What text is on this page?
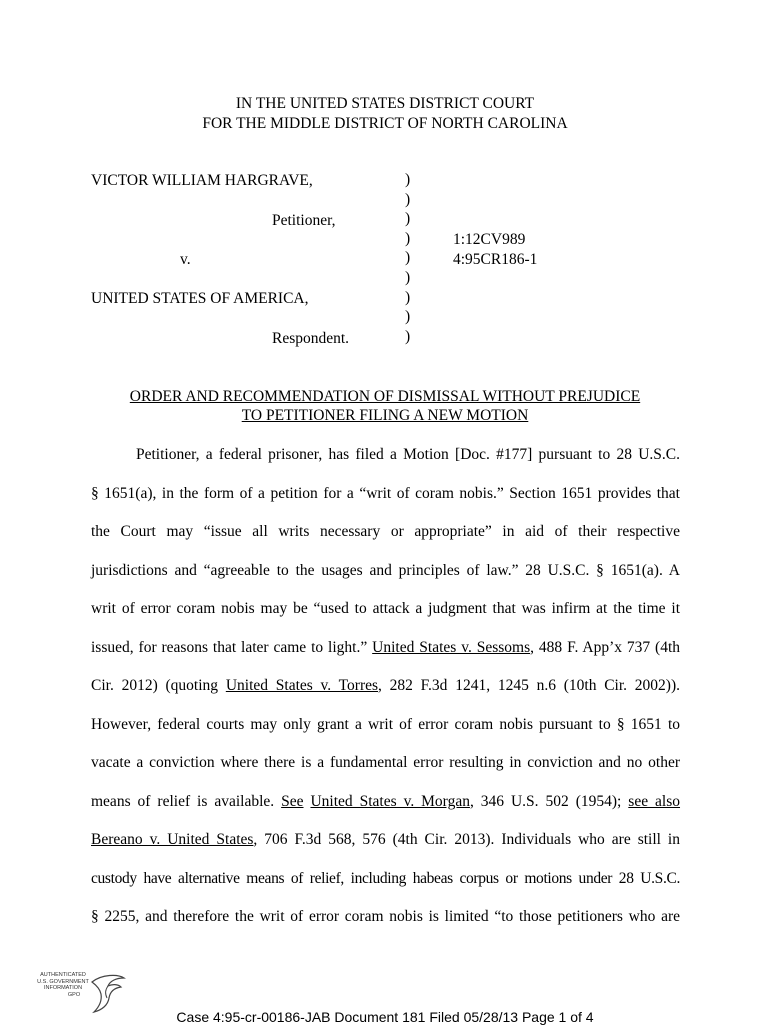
IN THE UNITED STATES DISTRICT COURT
FOR THE MIDDLE DISTRICT OF NORTH CAROLINA
VICTOR WILLIAM HARGRAVE,
Petitioner,
v.
UNITED STATES OF AMERICA,
Respondent.
1:12CV989
4:95CR186-1
)
)
)
)
)
)
)
)
)
ORDER AND RECOMMENDATION OF DISMISSAL WITHOUT PREJUDICE
TO PETITIONER FILING A NEW MOTION
Petitioner, a federal prisoner, has filed a Motion [Doc. #177] pursuant to 28 U.S.C.
§ 1651(a), in the form of a petition for a “writ of coram nobis.” Section 1651 provides that
the Court may “issue all writs necessary or appropriate” in aid of their respective
jurisdictions and “agreeable to the usages and principles of law.” 28 U.S.C. § 1651(a). A
writ of error coram nobis may be “used to attack a judgment that was infirm at the time it
issued, for reasons that later came to light.” United States v. Sessoms, 488 F. App’x 737 (4th
Cir. 2012) (quoting United States v. Torres, 282 F.3d 1241, 1245 n.6 (10th Cir. 2002)).
However, federal courts may only grant a writ of error coram nobis pursuant to § 1651 to
vacate a conviction where there is a fundamental error resulting in conviction and no other
means of relief is available. See United States v. Morgan, 346 U.S. 502 (1954); see also
Bereano v. United States, 706 F.3d 568, 576 (4th Cir. 2013). Individuals who are still in
custody have alternative means of relief, including habeas corpus or motions under 28 U.S.C.
§ 2255, and therefore the writ of error coram nobis is limited “to those petitioners who are
AUTHENTICATED
U.S. GOVERNMENT
INFORMATION
GPO
Case 4:95-cr-00186-JAB Document 181 Filed 05/28/13 Page 1 of 4
